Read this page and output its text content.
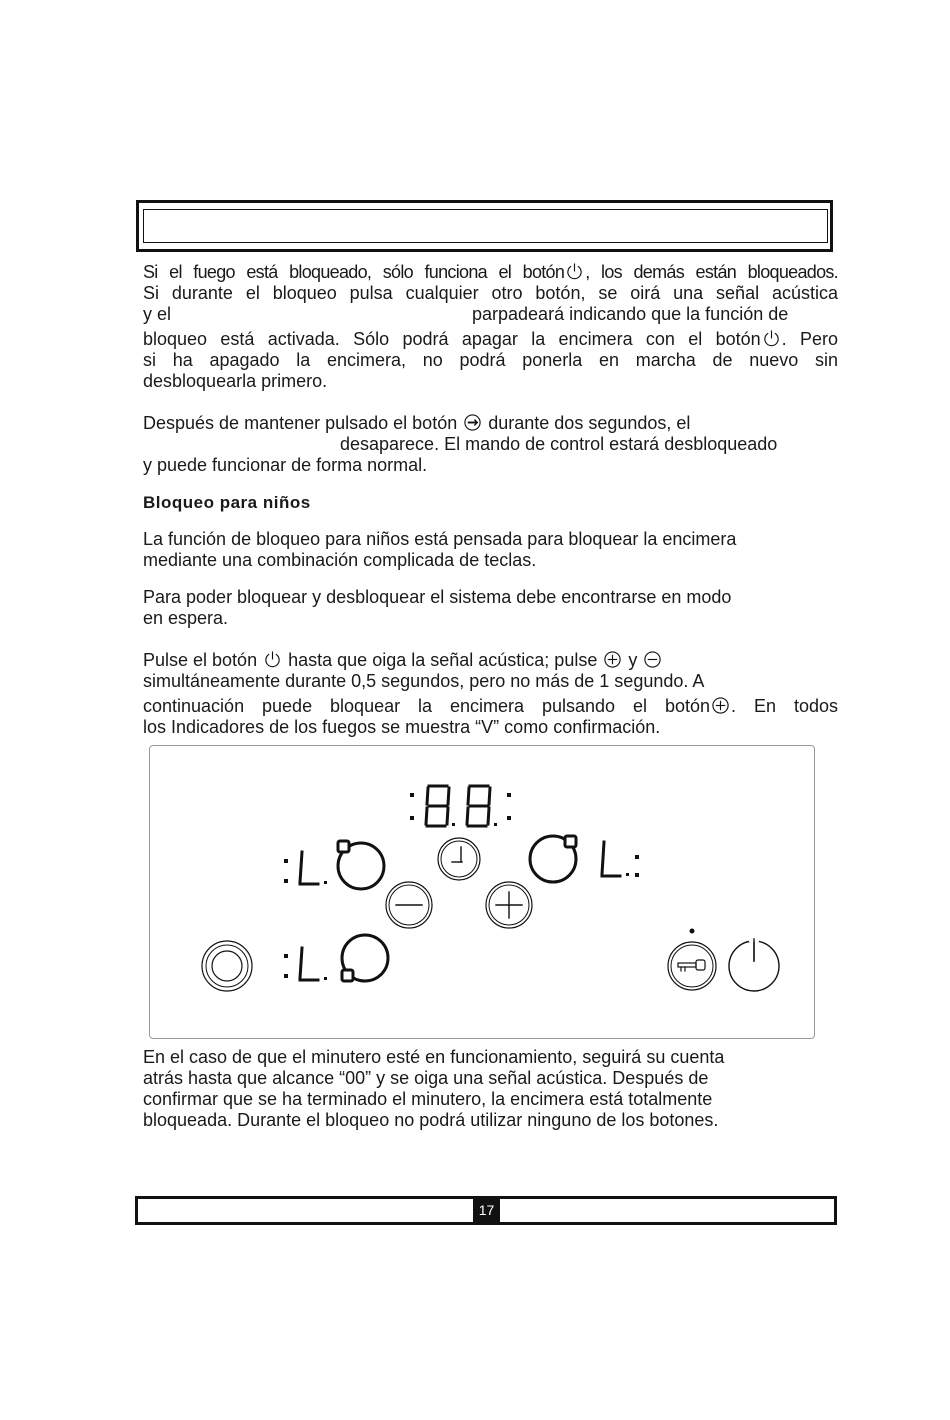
Si el fuego está bloqueado, sólo funciona el botón , los demás están bloqueados.
Si durante el bloqueo pulsa cualquier otro botón, se oirá una señal acústica
y el	parpadeará indicando que la función de
bloqueo está activada. Sólo podrá apagar la encimera con el botón . Pero
si ha apagado la encimera, no podrá ponerla en marcha de nuevo sin
desbloquearla primero.
Después de mantener pulsado el botón durante dos segundos, el
desaparece. El mando de control estará desbloqueado
y puede funcionar de forma normal.
Bloqueo para niños
La función de bloqueo para niños está pensada para bloquear la encimera
mediante una combinación complicada de teclas.
Para poder bloquear y desbloquear el sistema debe encontrarse en modo
en espera.
Pulse el botón hasta que oiga la señal acústica; pulse y
simultáneamente durante 0,5 segundos, pero no más de 1 segundo. A
continuación puede bloquear la encimera pulsando el botón . En todos
los Indicadores de los fuegos se muestra “V” como confirmación.
En el caso de que el minutero esté en funcionamiento, seguirá su cuenta
atrás hasta que alcance “00” y se oiga una señal acústica. Después de
confirmar que se ha terminado el minutero, la encimera está totalmente
bloqueada. Durante el bloqueo no podrá utilizar ninguno de los botones.
17
